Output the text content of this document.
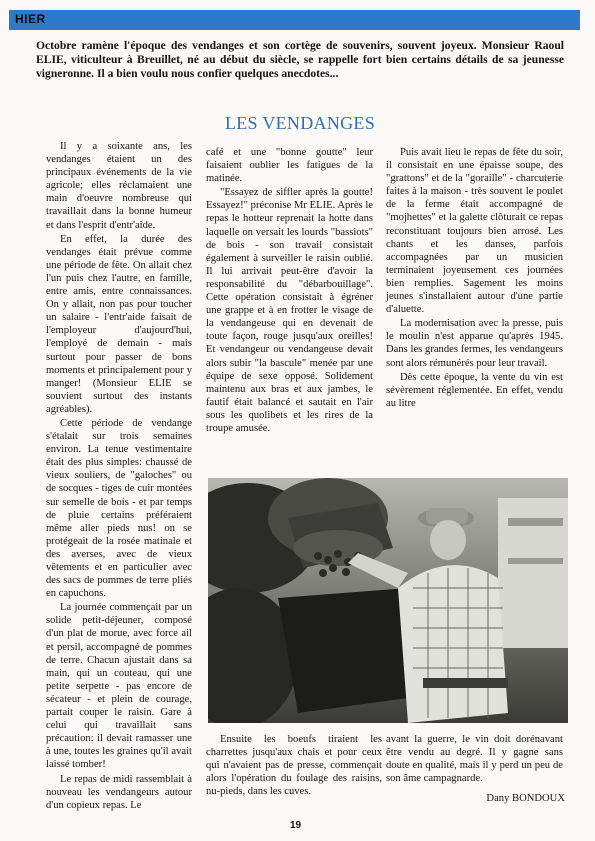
HIER
Octobre ramène l'époque des vendanges et son cortège de souvenirs, souvent joyeux. Monsieur Raoul ELIE, viticulteur à Breuillet, né au début du siècle, se rappelle fort bien certains détails de sa jeunesse vigneronne. Il a bien voulu nous confier quelques anecdotes...
LES VENDANGES

Il y a soixante ans, les vendanges étaient un des principaux événements de la vie agricole; elles réclamaient une main d'oeuvre nombreuse qui travaillait dans la bonne humeur et dans l'esprit d'entr'aide.

En effet, la durée des vendanges était prévue comme une période de fête. On allait chez l'un puis chez l'autre, en famille, entre amis, entre connaissances. On y allait, non pas pour toucher un salaire - l'entr'aide faisait de l'employeur d'aujourd'hui, l'employé de demain - mais surtout pour passer de bons moments et principalement pour y manger! (Monsieur ELIE se souvient surtout des instants agréables).

Cette période de vendange s'étalait sur trois semaines environ. La tenue vestimentaire était des plus simples: chaussé de vieux souliers, de "galoches" ou de socques - tiges de cuir montées sur semelle de bois - et par temps de pluie certains préféraient même aller pieds nus! on se protégeait de la rosée matinale et des averses, avec de vieux vêtements et en particulier avec des sacs de pommes de terre pliés en capuchons.

La journée commençait par un solide petit-déjeuner, composé d'un plat de morue, avec force ail et persil, accompagné de pommes de terre. Chacun ajustait dans sa main, qui un couteau, qui une petite serpette - pas encore de sécateur - et plein de courage, partait couper le raisin. Gare à celui qui travaillait sans précaution: il devait ramasser une à une, toutes les graines qu'il avait laissé tomber!

Le repas de midi rassemblait à nouveau les vendangeurs autour d'un copieux repas. Le

café et une "bonne goutte" leur faisaient oublier les fatigues de la matinée.

"Essayez de siffler après la goutte! Essayez!" préconise Mr ELIE. Après le repas le hotteur reprenait la hotte dans laquelle on versait les lourds "bassiots" de bois - son travail consistait également à surveiller le raisin oublié. Il lui arrivait peut-être d'avoir la responsabilité du "débarbouillage". Cette opération consistait à égréner une grappe et à en frotter le visage de la vendangeuse qui en devenait de toute façon, rouge jusqu'aux oreilles! Et vendangeur ou vendangeuse devait alors subir "la bascule" menée par une équipe de sexe opposé. Solidement maintenu aux bras et aux jambes, le fautif était balancé et sautait en l'air sous les quolibets et les rires de la troupe amusée.

Puis avait lieu le repas de fête du soir, il consistait en une épaisse soupe, des "grattons" et de la "goraille" - charcuterie faites à la maison - très souvent le poulet de la ferme était accompagné de "mojhettes" et la galette clôturait ce repas reconstituant toujours bien arrosé. Les chants et les danses, parfois accompagnées par un musicien terminaient joyeusement ces journées bien remplies. Sagement les moins jeunes s'installaient autour d'une partie d'aluette.

La modernisation avec la presse, puis le moulin n'est apparue qu'après 1945. Dans les grandes fermes, les vendangeurs sont alors rémunérés pour leur travail.

Dès cette époque, la vente du vin est sévèrement réglementée. En effet, vendu au litre

Ensuite les boeufs tiraient les charrettes jusqu'aux chais et pour ceux qui n'avaient pas de presse, commençait alors l'opération du foulage des raisins, nu-pieds, dans les cuves.

avant la guerre, le vin doit dorénavant être vendu au degré. Il y gagne sans doute en qualité, mais il y perd un peu de son âme campagnarde.

Dany BONDOUX
19
